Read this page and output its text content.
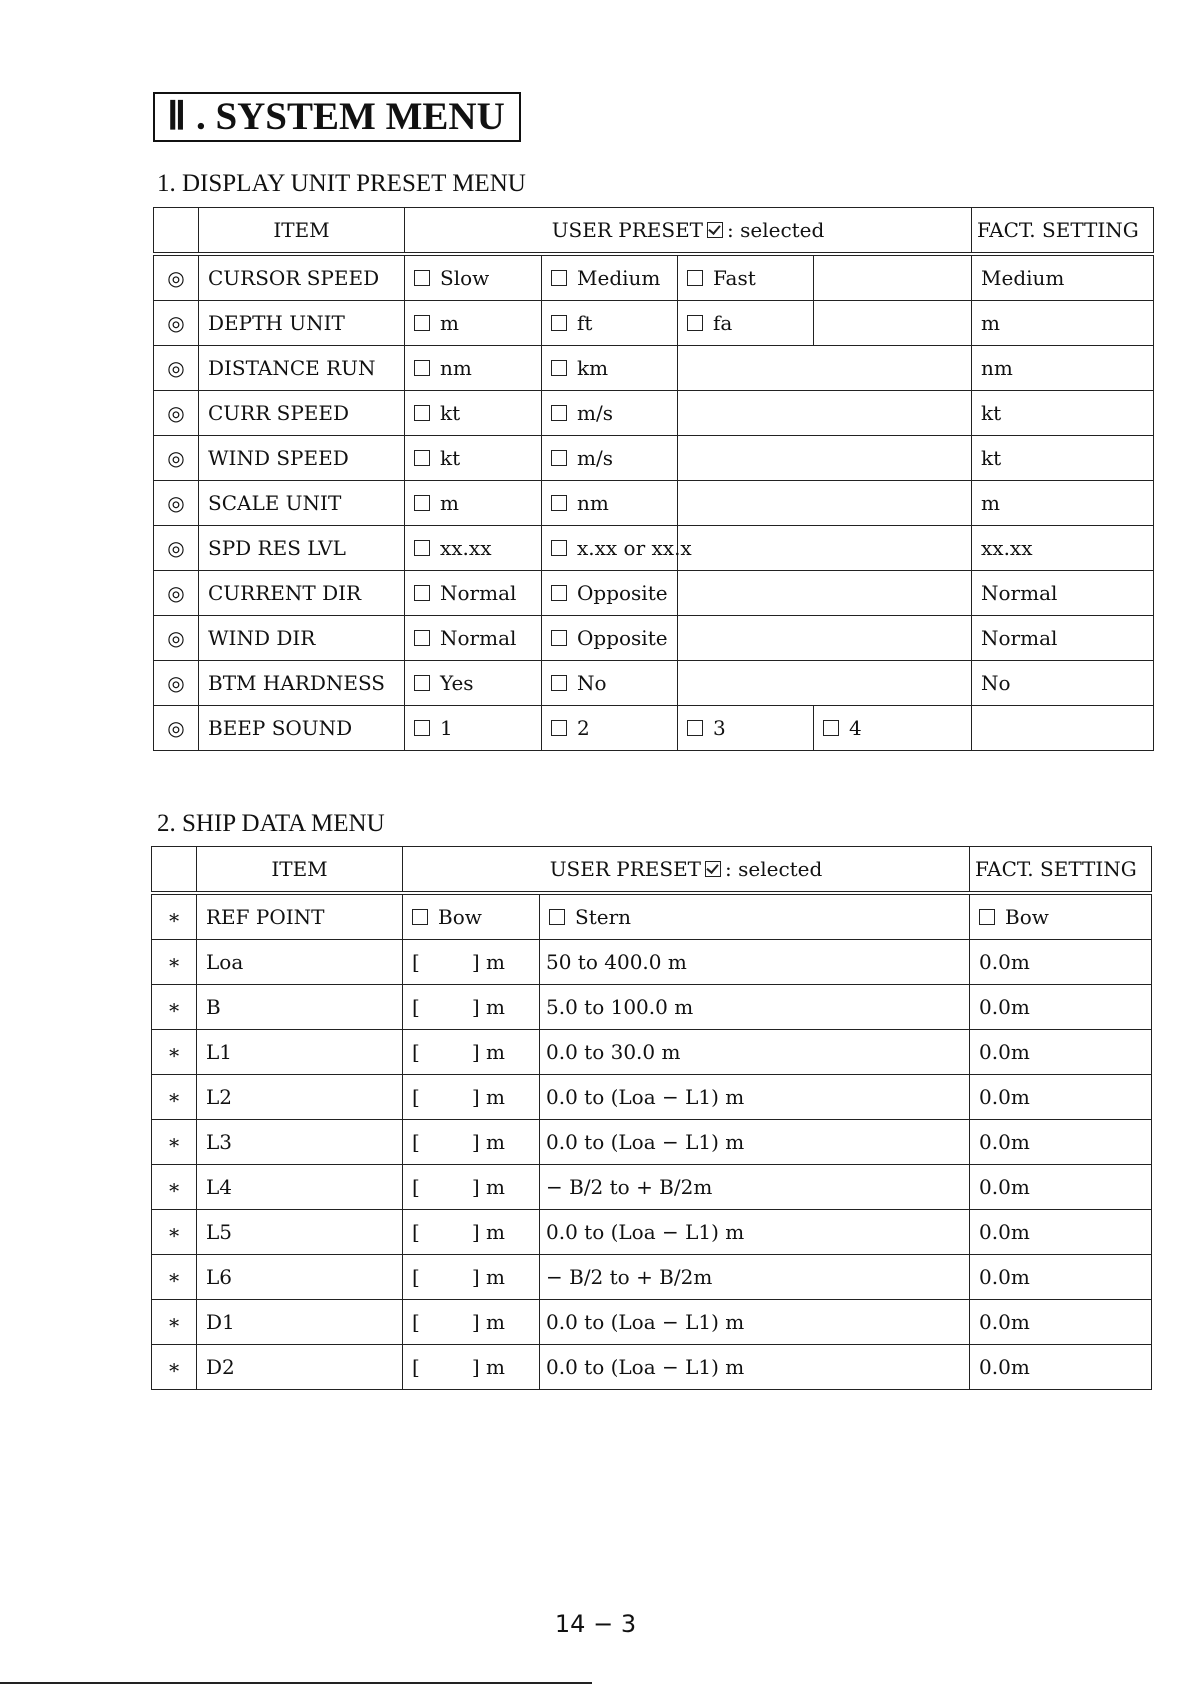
Ⅱ . SYSTEM MENU
1. DISPLAY UNIT PRESET MENU
	ITEM	USER PRESET : selected				FACT. SETTING
◎	CURSOR SPEED	Slow	Medium	Fast		Medium
◎	DEPTH UNIT	m	ft	fa		m
◎	DISTANCE RUN	nm	km			nm
◎	CURR SPEED	kt	m/s			kt
◎	WIND SPEED	kt	m/s			kt
◎	SCALE UNIT	m	nm			m
◎	SPD RES LVL	xx.xx	x.xx or xx.x			xx.xx
◎	CURRENT DIR	Normal	Opposite			Normal
◎	WIND DIR	Normal	Opposite			Normal
◎	BTM HARDNESS	Yes	No			No
◎	BEEP SOUND	1	2	3	4	
2. SHIP DATA MENU
	ITEM	USER PRESET : selected		FACT. SETTING
∗	REF POINT	Bow	Stern	Bow
∗	Loa	[ ] m	50 to 400.0 m	0.0m
∗	B	[ ] m	5.0 to 100.0 m	0.0m
∗	L1	[ ] m	0.0 to 30.0 m	0.0m
∗	L2	[ ] m	0.0 to (Loa − L1) m	0.0m
∗	L3	[ ] m	0.0 to (Loa − L1) m	0.0m
∗	L4	[ ] m	− B/2 to + B/2m	0.0m
∗	L5	[ ] m	0.0 to (Loa − L1) m	0.0m
∗	L6	[ ] m	− B/2 to + B/2m	0.0m
∗	D1	[ ] m	0.0 to (Loa − L1) m	0.0m
∗	D2	[ ] m	0.0 to (Loa − L1) m	0.0m
14 − 3
